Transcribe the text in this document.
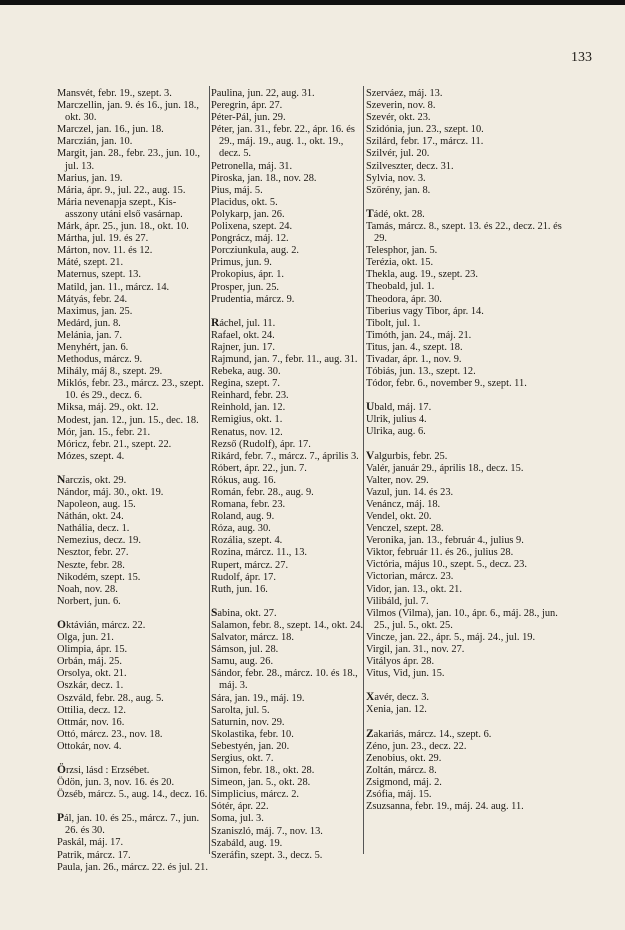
133
Mansvét, febr. 19., szept. 3.
Marczellin, jan. 9. és 16., jun. 18., okt. 30.
Marczel, jan. 16., jun. 18.
Marczián, jan. 10.
Margit, jan. 28., febr. 23., jun. 10., jul. 13.
Marius, jan. 19.
Mária, ápr. 9., jul. 22., aug. 15.
Mária nevenapja szept., Kis-asszony utáni első vasárnap.
Márk, ápr. 25., jun. 18., okt. 10.
Mártha, jul. 19. és 27.
Márton, nov. 11. és 12.
Máté, szept. 21.
Maternus, szept. 13.
Matild, jan. 11., márcz. 14.
Mátyás, febr. 24.
Maximus, jan. 25.
Medárd, jun. 8.
Melánia, jan. 7.
Menyhért, jan. 6.
Methodus, márcz. 9.
Mihály, máj 8., szept. 29.
Miklós, febr. 23., márcz. 23., szept. 10. és 29., decz. 6.
Miksa, máj. 29., okt. 12.
Modest, jan. 12., jun. 15., dec. 18.
Mór, jan. 15., febr. 21.
Móricz, febr. 21., szept. 22.
Mózes, szept. 4.
Narczis, okt. 29.
Nándor, máj. 30., okt. 19.
Napoleon, aug. 15.
Náthán, okt. 24.
Nathália, decz. 1.
Nemezius, decz. 19.
Nesztor, febr. 27.
Neszte, febr. 28.
Nikodém, szept. 15.
Noah, nov. 28.
Norbert, jun. 6.
Oktávián, márcz. 22.
Olga, jun. 21.
Olimpia, ápr. 15.
Orbán, máj. 25.
Orsolya, okt. 21.
Oszkár, decz. 1.
Oszváld, febr. 28., aug. 5.
Ottilia, decz. 12.
Ottmár, nov. 16.
Ottó, márcz. 23., nov. 18.
Ottokár, nov. 4.
Örzsi, lásd : Erzsébet.
Ödön, jun. 3, nov. 16. és 20.
Özséb, márcz. 5., aug. 14., decz. 16.
Pál, jan. 10. és 25., márcz. 7., jun. 26. és 30.
Paskál, máj. 17.
Patrik, márcz. 17.
Paula, jan. 26., márcz. 22. és jul. 21.
Paulina, jun. 22, aug. 31.
Peregrin, ápr. 27.
Péter-Pál, jun. 29.
Péter, jan. 31., febr. 22., ápr. 16. és 29., máj. 19., aug. 1., okt. 19., decz. 5.
Petronella, máj. 31.
Piroska, jan. 18., nov. 28.
Pius, máj. 5.
Placidus, okt. 5.
Polykarp, jan. 26.
Polixena, szept. 24.
Pongrácz, máj. 12.
Porcziunkula, aug. 2.
Primus, jun. 9.
Prokopius, ápr. 1.
Prosper, jun. 25.
Prudentia, márcz. 9.
Ráchel, jul. 11.
Rafael, okt. 24.
Rajner, jun. 17.
Rajmund, jan. 7., febr. 11., aug. 31.
Rebeka, aug. 30.
Regina, szept. 7.
Reinhard, febr. 23.
Reinhold, jan. 12.
Remigius, okt. 1.
Renatus, nov. 12.
Rezső (Rudolf), ápr. 17.
Rikárd, febr. 7., márcz. 7., április 3.
Róbert, ápr. 22., jun. 7.
Rókus, aug. 16.
Román, febr. 28., aug. 9.
Romana, febr. 23.
Roland, aug. 9.
Róza, aug. 30.
Rozália, szept. 4.
Rozina, márcz. 11., 13.
Rupert, márcz. 27.
Rudolf, ápr. 17.
Ruth, jun. 16.
Sabina, okt. 27.
Salamon, febr. 8., szept. 14., okt. 24.
Salvator, márcz. 18.
Sámson, jul. 28.
Samu, aug. 26.
Sándor, febr. 28., márcz. 10. és 18., máj. 3.
Sára, jan. 19., máj. 19.
Sarolta, jul. 5.
Saturnin, nov. 29.
Skolastika, febr. 10.
Sebestyén, jan. 20.
Sergius, okt. 7.
Simon, febr. 18., okt. 28.
Simeon, jan. 5., okt. 28.
Simplicius, márcz. 2.
Sótér, ápr. 22.
Soma, jul. 3.
Szaniszló, máj. 7., nov. 13.
Szabáld, aug. 19.
Szeráfin, szept. 3., decz. 5.
Szerváez, máj. 13.
Szeverin, nov. 8.
Szevér, okt. 23.
Szidónia, jun. 23., szept. 10.
Szilárd, febr. 17., márcz. 11.
Szilvér, jul. 20.
Szilveszter, decz. 31.
Sylvia, nov. 3.
Szörény, jan. 8.
Tádé, okt. 28.
Tamás, márcz. 8., szept. 13. és 22., decz. 21. és 29.
Telesphor, jan. 5.
Terézia, okt. 15.
Thekla, aug. 19., szept. 23.
Theobald, jul. 1.
Theodora, ápr. 30.
Tiberius vagy Tibor, ápr. 14.
Tibolt, jul. 1.
Timóth, jan. 24., máj. 21.
Titus, jan. 4., szept. 18.
Tivadar, ápr. 1., nov. 9.
Tóbiás, jun. 13., szept. 12.
Tódor, febr. 6., november 9., szept. 11.
Ubald, máj. 17.
Ulrik, julius 4.
Ulrika, aug. 6.
Valgurbis, febr. 25.
Valér, január 29., április 18., decz. 15.
Valter, nov. 29.
Vazul, jun. 14. és 23.
Venáncz, máj. 18.
Vendel, okt. 20.
Venczel, szept. 28.
Veronika, jan. 13., február 4., julius 9.
Viktor, február 11. és 26., julius 28.
Victória, május 10., szept. 5., decz. 23.
Victorian, márcz. 23.
Vidor, jan. 13., okt. 21.
Vilibáld, jul. 7.
Vilmos (Vilma), jan. 10., ápr. 6., máj. 28., jun. 25., jul. 5., okt. 25.
Vincze, jan. 22., ápr. 5., máj. 24., jul. 19.
Virgil, jan. 31., nov. 27.
Vitályos ápr. 28.
Vitus, Vid, jun. 15.
Xavér, decz. 3.
Xenia, jan. 12.
Zakariás, márcz. 14., szept. 6.
Zéno, jun. 23., decz. 22.
Zenobius, okt. 29.
Zoltán, márcz. 8.
Zsigmond, máj. 2.
Zsófia, máj. 15.
Zsuzsanna, febr. 19., máj. 24. aug. 11.
